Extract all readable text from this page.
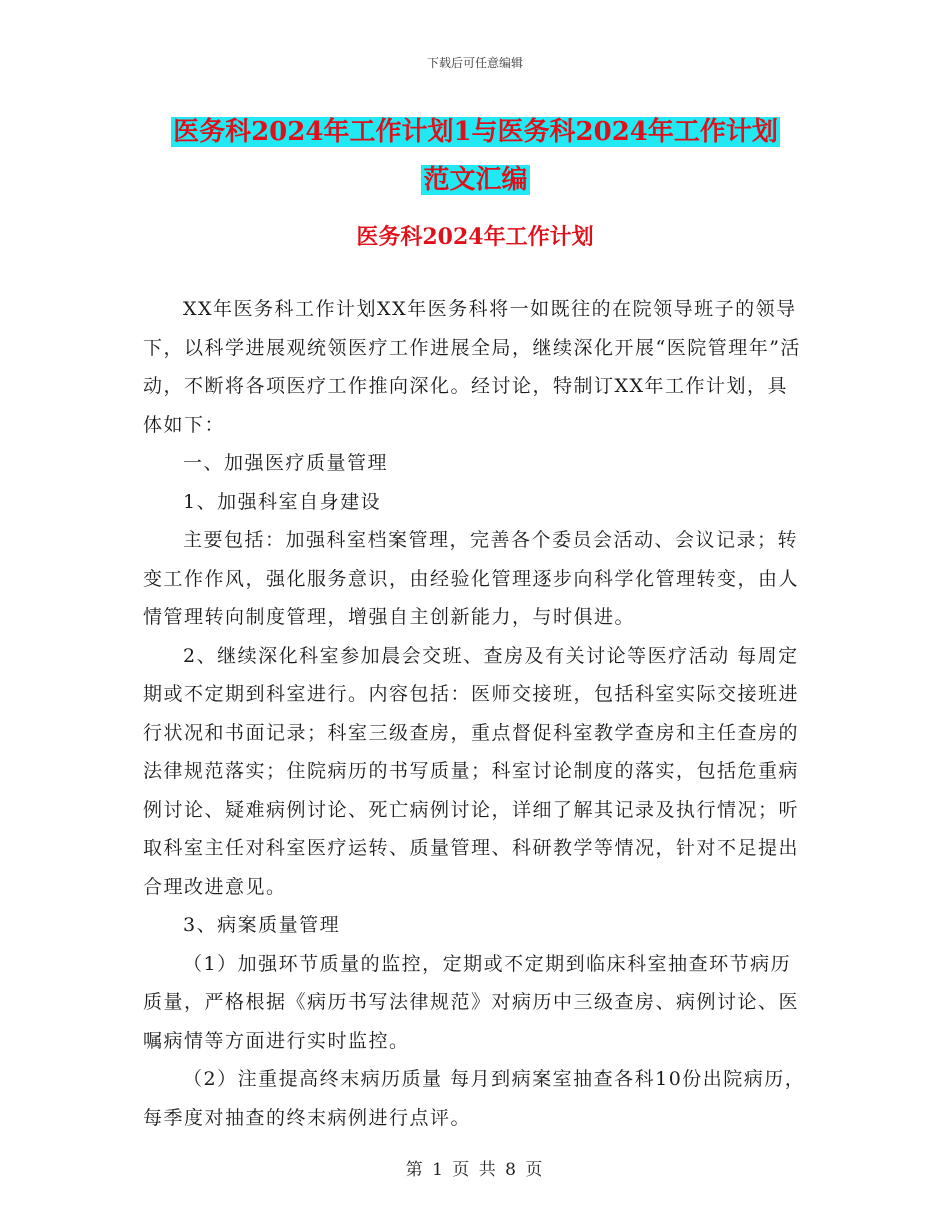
下载后可任意编辑
医务科2024年工作计划1与医务科2024年工作计划
范文汇编
医务科2024年工作计划

XX年医务科工作计划XX年医务科将一如既往的在院领导班子的领导下，以科学进展观统领医疗工作进展全局，继续深化开展“医院管理年”活动，不断将各项医疗工作推向深化。经讨论，特制订XX年工作计划，具体如下：

一、加强医疗质量管理

1、加强科室自身建设

主要包括：加强科室档案管理，完善各个委员会活动、会议记录；转变工作作风，强化服务意识，由经验化管理逐步向科学化管理转变，由人情管理转向制度管理，增强自主创新能力，与时俱进。

2、继续深化科室参加晨会交班、查房及有关讨论等医疗活动 每周定期或不定期到科室进行。内容包括：医师交接班，包括科室实际交接班进行状况和书面记录；科室三级查房，重点督促科室教学查房和主任查房的法律规范落实；住院病历的书写质量；科室讨论制度的落实，包括危重病例讨论、疑难病例讨论、死亡病例讨论，详细了解其记录及执行情况；听取科室主任对科室医疗运转、质量管理、科研教学等情况，针对不足提出合理改进意见。

3、病案质量管理

（1）加强环节质量的监控，定期或不定期到临床科室抽查环节病历质量，严格根据《病历书写法律规范》对病历中三级查房、病例讨论、医嘱病情等方面进行实时监控。

（2）注重提高终末病历质量 每月到病案室抽查各科10份出院病历，每季度对抽查的终末病例进行点评。

第 1 页 共 8 页
